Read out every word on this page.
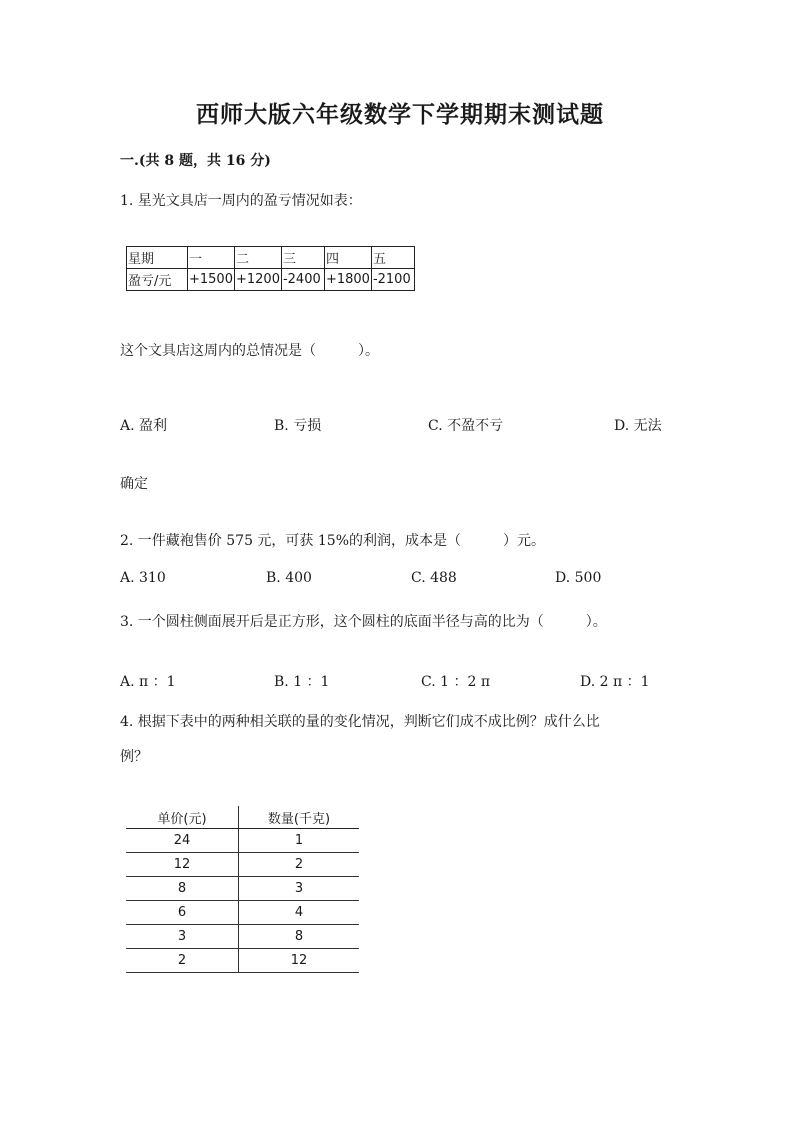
西师大版六年级数学下学期期末测试题
一.(共 8 题，共 16 分)
1. 星光文具店一周内的盈亏情况如表：
星期	一	二	三	四	五
盈亏/元	+1500	+1200	-2400	+1800	-2100
这个文具店这周内的总情况是（　　　）。
A. 盈利	B. 亏损	C. 不盈不亏	D. 无法
确定
2. 一件藏袍售价 575 元，可获 15%的利润，成本是（　　　）元。
A. 310	B. 400	C. 488	D. 500
3. 一个圆柱侧面展开后是正方形，这个圆柱的底面半径与高的比为（　　　）。
A. π ：1	B. 1 ：1	C. 1 ：2 π	D. 2 π ：1
4. 根据下表中的两种相关联的量的变化情况，判断它们成不成比例？成什么比
例？
单价(元)	数量(千克)
24	1
12	2
8	3
6	4
3	8
2	12
